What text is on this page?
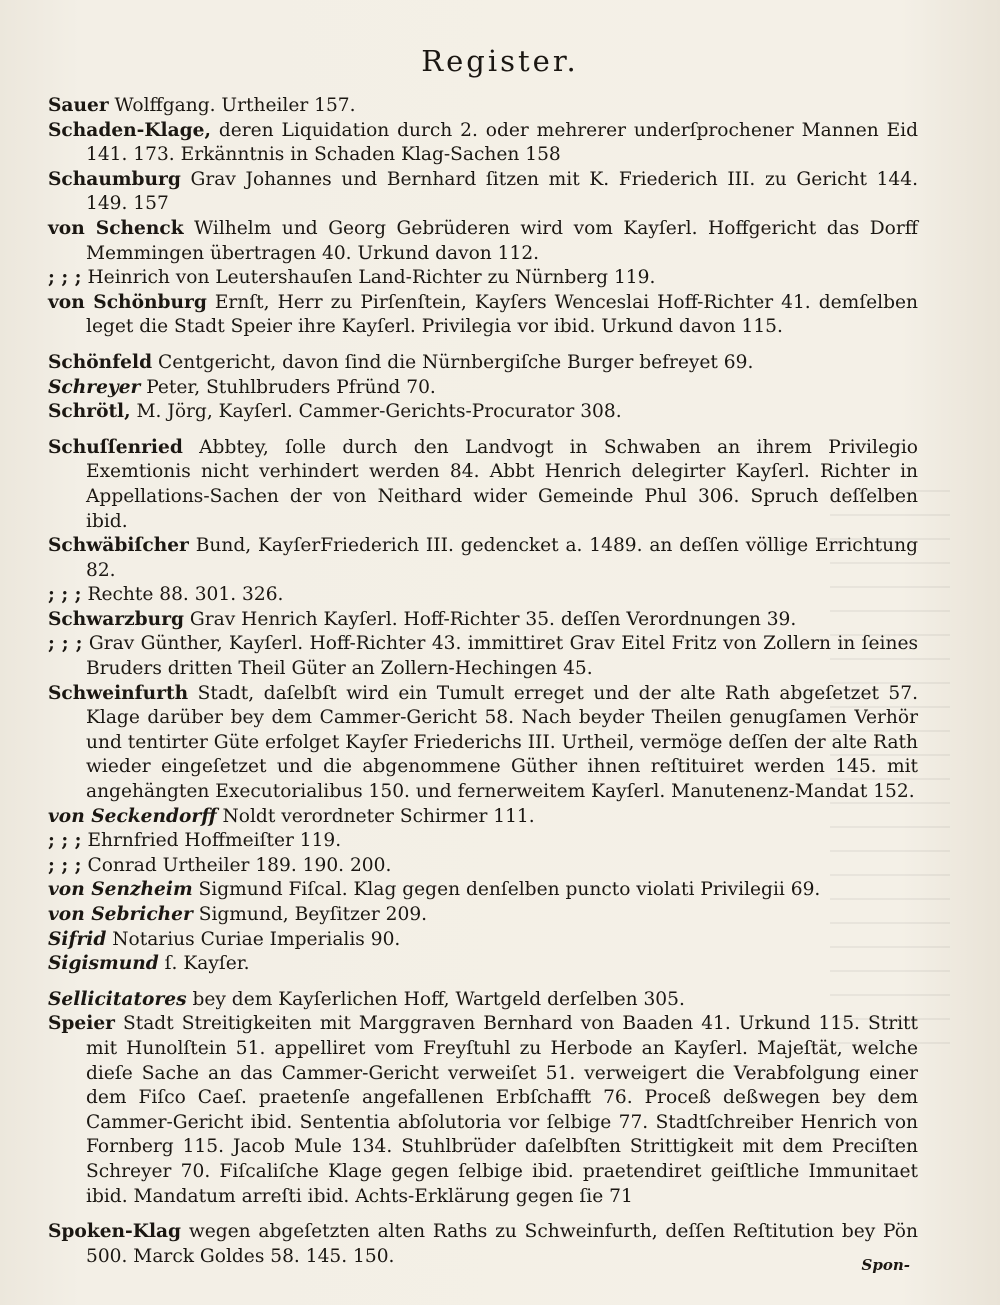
Register.

Sauer Wolffgang. Urtheiler 157.

Schaden-Klage, deren Liquidation durch 2. oder mehrerer underſprochener Mannen Eid 141. 173. Erkänntnis in Schaden Klag-Sachen 158

Schaumburg Grav Johannes und Bernhard ſitzen mit K. Friederich III. zu Gericht 144. 149. 157

von Schenck Wilhelm und Georg Gebrüderen wird vom Kayſerl. Hoffgericht das Dorff Memmingen übertragen 40. Urkund davon 112.

; ; ; Heinrich von Leutershauſen Land-Richter zu Nürnberg 119.

von Schönburg Ernſt, Herr zu Pirſenſtein, Kayſers Wenceslai Hoff-Richter 41. demſelben leget die Stadt Speier ihre Kayſerl. Privilegia vor ibid. Urkund davon 115.

Schönfeld Centgericht, davon ſind die Nürnbergiſche Burger befreyet 69.

Schreyer Peter, Stuhlbruders Pfründ 70.

Schrötl, M. Jörg, Kayſerl. Cammer-Gerichts-Procurator 308.

Schuſſenried Abbtey, ſolle durch den Landvogt in Schwaben an ihrem Privilegio Exemtionis nicht verhindert werden 84. Abbt Henrich delegirter Kayſerl. Richter in Appellations-Sachen der von Neithard wider Gemeinde Phul 306. Spruch deſſelben ibid.

Schwäbiſcher Bund, KayſerFriederich III. gedencket a. 1489. an deſſen völlige Errichtung 82.

; ; ; Rechte 88. 301. 326.

Schwarzburg Grav Henrich Kayſerl. Hoff-Richter 35. deſſen Verordnungen 39.

; ; ; Grav Günther, Kayſerl. Hoff-Richter 43. immittiret Grav Eitel Fritz von Zollern in ſeines Bruders dritten Theil Güter an Zollern-Hechingen 45.

Schweinfurth Stadt, daſelbſt wird ein Tumult erreget und der alte Rath abgeſetzet 57. Klage darüber bey dem Cammer-Gericht 58. Nach beyder Theilen genugſamen Verhör und tentirter Güte erfolget Kayſer Friederichs III. Urtheil, vermöge deſſen der alte Rath wieder eingeſetzet und die abgenommene Güther ihnen reſtituiret werden 145. mit angehängten Executorialibus 150. und fernerweitem Kayſerl. Manutenenz-Mandat 152.

von Seckendorff Noldt verordneter Schirmer 111.

; ; ; Ehrnfried Hoffmeiſter 119.

; ; ; Conrad Urtheiler 189. 190. 200.

von Senzheim Sigmund Fiſcal. Klag gegen denſelben puncto violati Privilegii 69.

von Sebricher Sigmund, Beyſitzer 209.

Sifrid Notarius Curiae Imperialis 90.

Sigismund ſ. Kayſer.

Sellicitatores bey dem Kayſerlichen Hoff, Wartgeld derſelben 305.

Speier Stadt Streitigkeiten mit Marggraven Bernhard von Baaden 41. Urkund 115. Stritt mit Hunolſtein 51. appelliret vom Freyſtuhl zu Herbode an Kayſerl. Majeſtät, welche dieſe Sache an das Cammer-Gericht verweiſet 51. verweigert die Verabfolgung einer dem Fiſco Caeſ. praetenſe angefallenen Erbſchafft 76. Proceß deßwegen bey dem Cammer-Gericht ibid. Sententia abſolutoria vor ſelbige 77. Stadtſchreiber Henrich von Fornberg 115. Jacob Mule 134. Stuhlbrüder daſelbſten Strittigkeit mit dem Preciſten Schreyer 70. Fiſcaliſche Klage gegen ſelbige ibid. praetendiret geiſtliche Immunitaet ibid. Mandatum arreſti ibid. Achts-Erklärung gegen ſie 71

Spoken-Klag wegen abgeſetzten alten Raths zu Schweinfurth, deſſen Reſtitution bey Pön 500. Marck Goldes 58. 145. 150.	Spon-
